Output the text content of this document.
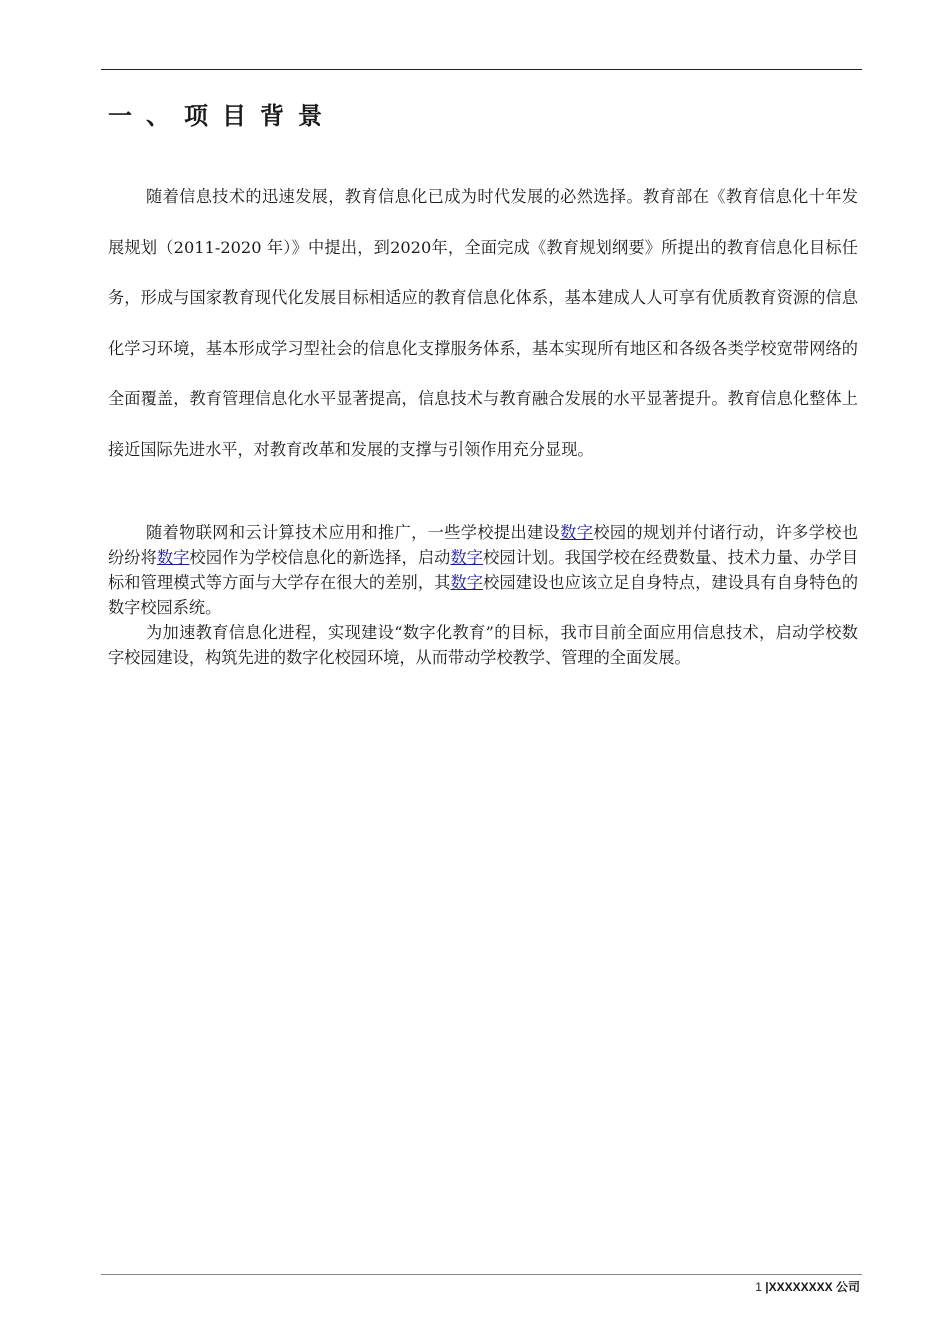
一、项目背景

随着信息技术的迅速发展，教育信息化已成为时代发展的必然选择。教育部在《教育信息化十年发展规划（2011-2020 年）》中提出，到2020年，全面完成《教育规划纲要》所提出的教育信息化目标任务，形成与国家教育现代化发展目标相适应的教育信息化体系，基本建成人人可享有优质教育资源的信息化学习环境，基本形成学习型社会的信息化支撑服务体系，基本实现所有地区和各级各类学校宽带网络的全面覆盖，教育管理信息化水平显著提高，信息技术与教育融合发展的水平显著提升。教育信息化整体上接近国际先进水平，对教育改革和发展的支撑与引领作用充分显现。

随着物联网和云计算技术应用和推广，一些学校提出建设数字校园的规划并付诸行动，许多学校也纷纷将数字校园作为学校信息化的新选择，启动数字校园计划。我国学校在经费数量、技术力量、办学目标和管理模式等方面与大学存在很大的差别，其数字校园建设也应该立足自身特点，建设具有自身特色的数字校园系统。

为加速教育信息化进程，实现建设“数字化教育”的目标，我市目前全面应用信息技术，启动学校数字校园建设，构筑先进的数字化校园环境，从而带动学校教学、管理的全面发展。

1 |XXXXXXXX 公司
